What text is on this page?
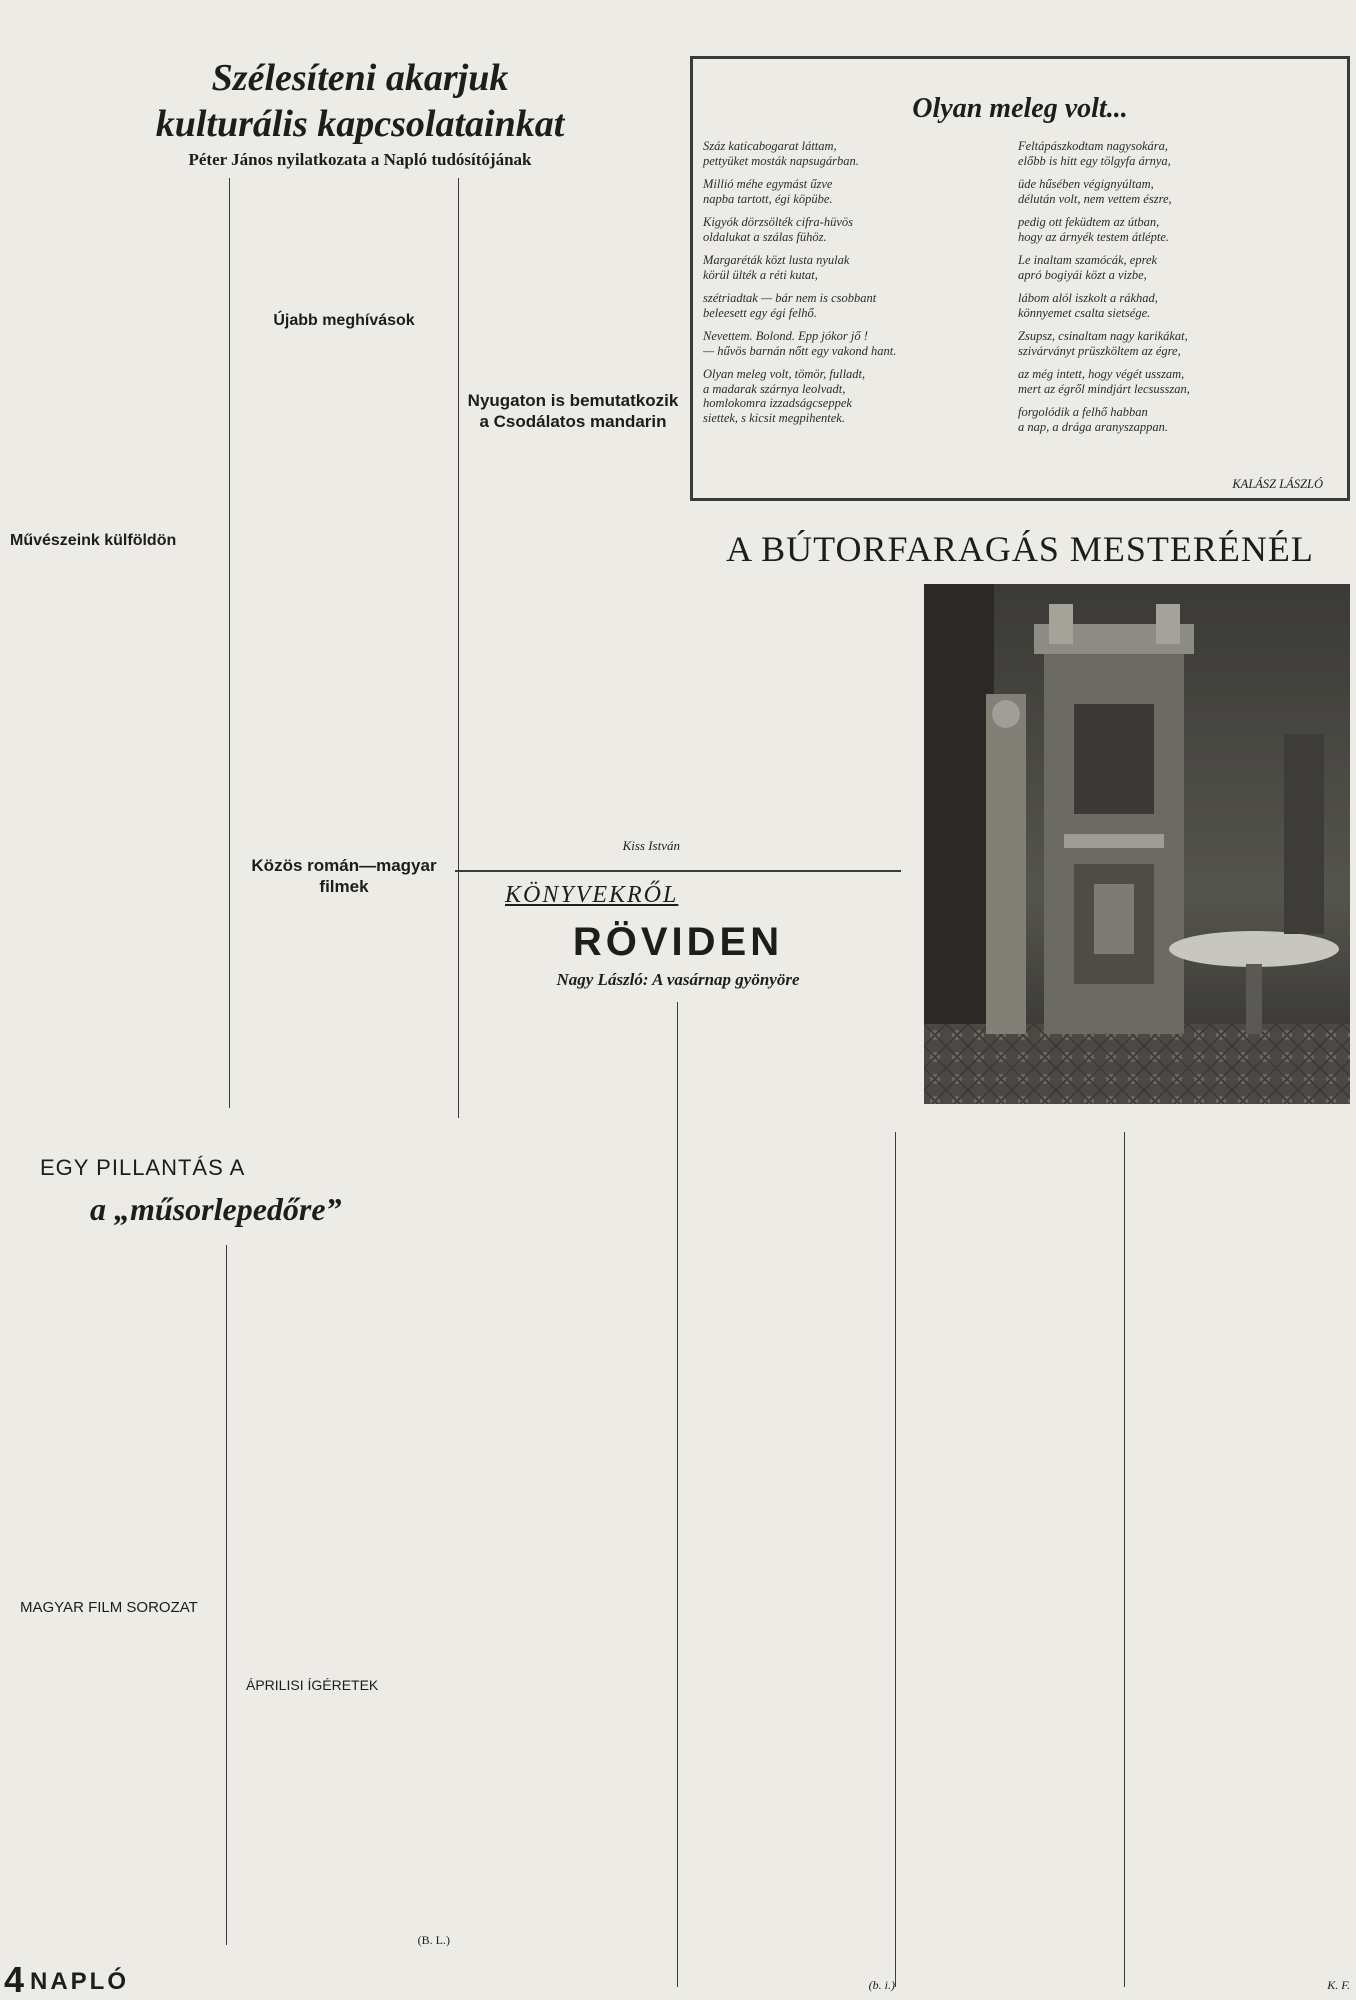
Szélesíteni akarjuk
kulturális kapcsolatainkat
Péter János nyilatkozata a Napló tudósítójának
Művészeink külföldön
Újabb meghívások
Közös román—magyar filmek
Nyugaton is bemutatkozik a Csodálatos mandarin
Kiss István
Olyan meleg volt...
Száz katicabogarat láttam,
pettyüket mosták napsugárban.
Millió méhe egymást űzve
napba tartott, égi köpübe.
Kigyók dörzsölték cifra-hüvös
oldalukat a szálas fühöz.
Margaréták közt lusta nyulak
körül ülték a réti kutat,
szétriadtak — bár nem is csobbant
beleesett egy égi felhő.
Nevettem. Bolond. Epp jókor jő !
— hűvös barnán nőtt egy vakond hant.
Olyan meleg volt, tömör, fulladt,
a madarak szárnya leolvadt,
homlokomra izzadságcseppek
siettek, s kicsit megpihentek.
Feltápászkodtam nagysokára,
előbb is hitt egy tölgyfa árnya,
üde hűsében végignyúltam,
délután volt, nem vettem észre,
pedig ott feküdtem az útban,
hogy az árnyék testem átlépte.
Le inaltam szamócák, eprek
apró bogiyái közt a vizbe,
lábom alól iszkolt a rákhad,
könnyemet csalta sietsége.
Zsupsz, csinaltam nagy karikákat,
szivárványt prüszköltem az égre,
az még intett, hogy végét usszam,
mert az égről mindjárt lecsusszan,
forgolódik a felhő habban
a nap, a drága aranyszappan.
KALÁSZ LÁSZLÓ
A BÚTORFARAGÁS MESTERÉNÉL
K. F.
KÖNYVEKRŐL
RÖVIDEN
Nagy László: A vasárnap gyönyöre
(b. i.)
EGY PILLANTÁS A
a „műsorlepedőre”
MAGYAR FILM SOROZAT
ÁPRILISI ÍGÉRETEK
(B. L.)
4 NAPLÓ
